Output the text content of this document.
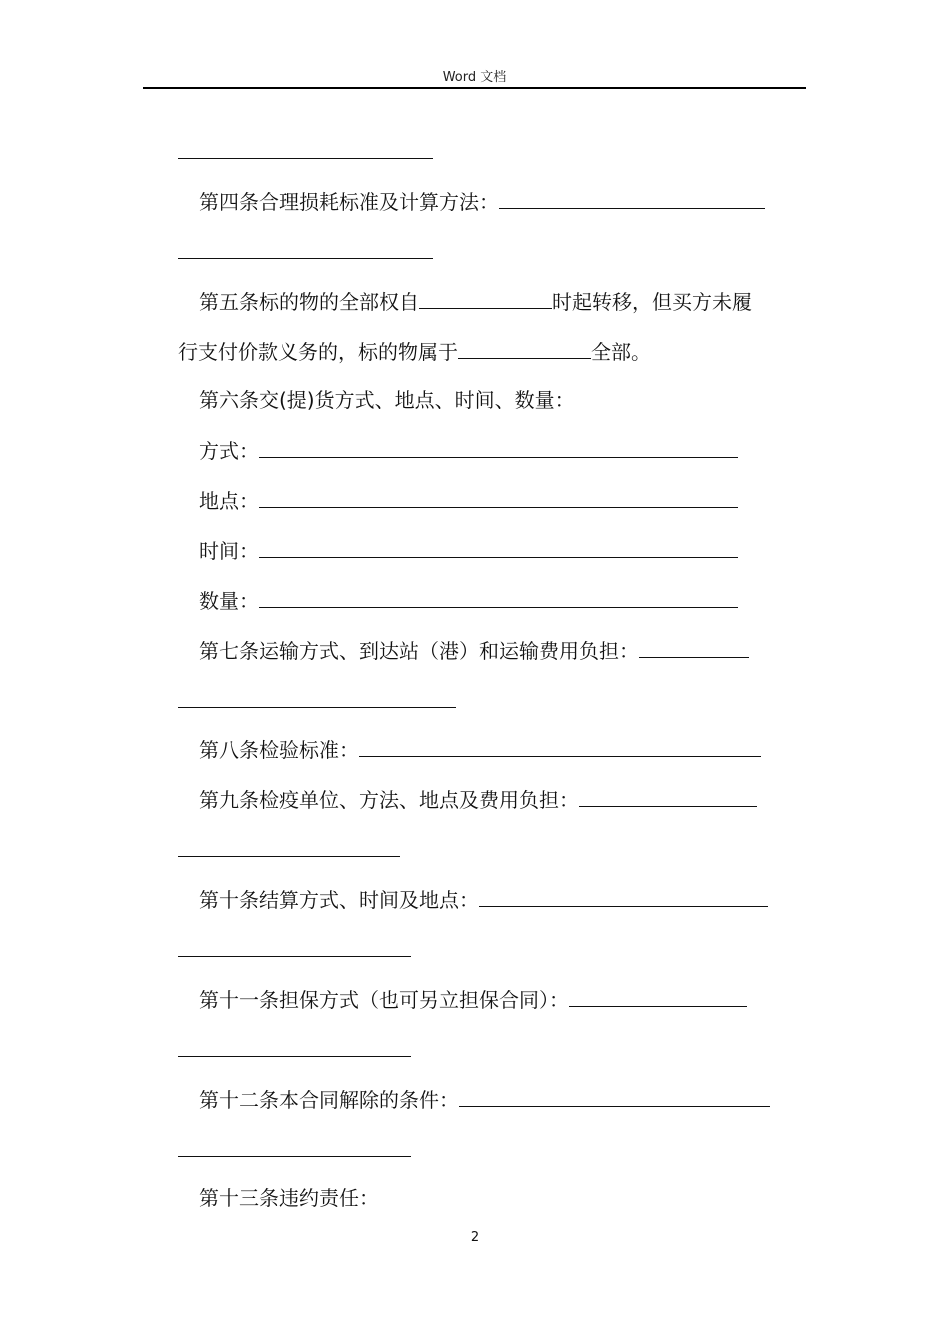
Word 文档
第四条合理损耗标准及计算方法：
第五条标的物的全部权自	时起转移，但买方未履
行支付价款义务的，标的物属于	全部。
第六条交(提)货方式、地点、时间、数量：
方式：
地点：
时间：
数量：
第七条运输方式、到达站（港）和运输费用负担：
第八条检验标准：
第九条检疫单位、方法、地点及费用负担：
第十条结算方式、时间及地点：
第十一条担保方式（也可另立担保合同）：
第十二条本合同解除的条件：
第十三条违约责任：
2
